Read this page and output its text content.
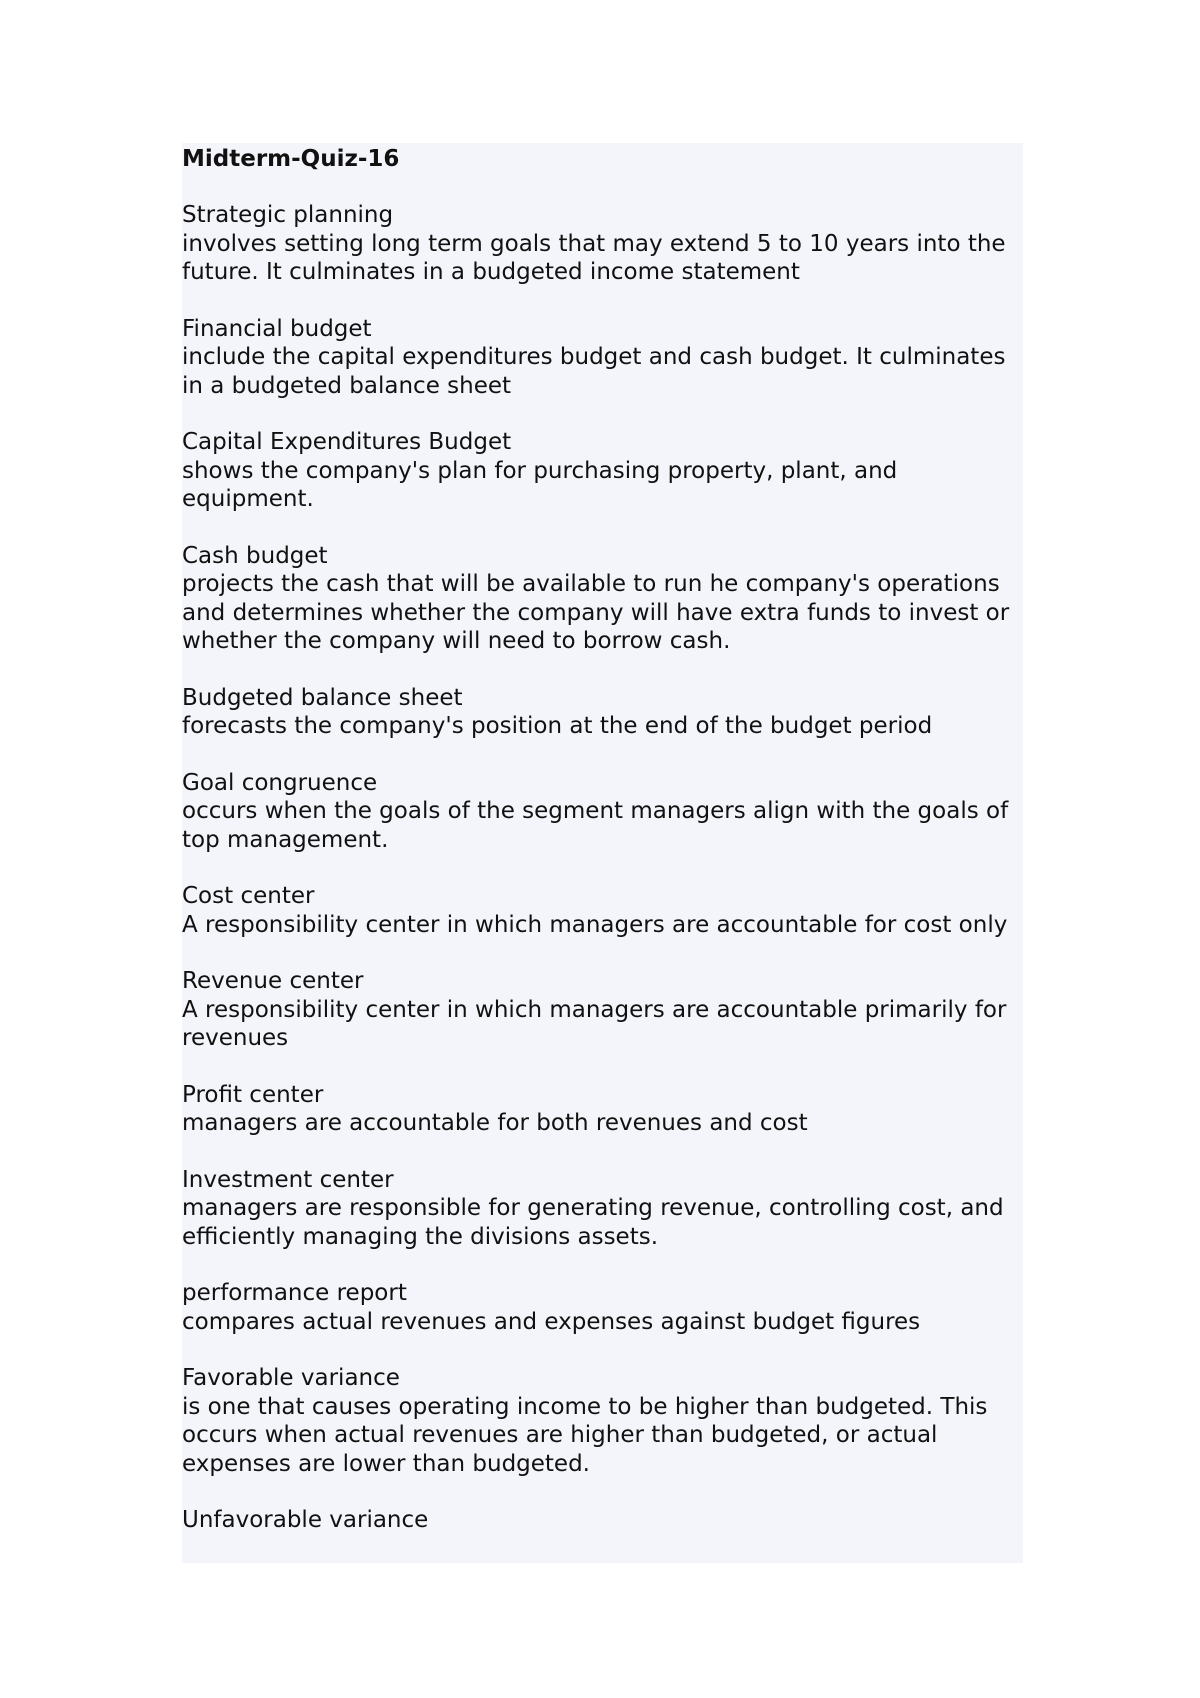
Midterm-Quiz-16
Strategic planning
involves setting long term goals that may extend 5 to 10 years into the future. It culminates in a budgeted income statement
Financial budget
include the capital expenditures budget and cash budget. It culminates in a budgeted balance sheet
Capital Expenditures Budget
shows the company's plan for purchasing property, plant, and equipment.
Cash budget
projects the cash that will be available to run he company's operations and determines whether the company will have extra funds to invest or whether the company will need to borrow cash.
Budgeted balance sheet
forecasts the company's position at the end of the budget period
Goal congruence
occurs when the goals of the segment managers align with the goals of top management.
Cost center
A responsibility center in which managers are accountable for cost only
Revenue center
A responsibility center in which managers are accountable primarily for revenues
Profit center
managers are accountable for both revenues and cost
Investment center
managers are responsible for generating revenue, controlling cost, and efficiently managing the divisions assets.
performance report
compares actual revenues and expenses against budget figures
Favorable variance
is one that causes operating income to be higher than budgeted. This occurs when actual revenues are higher than budgeted, or actual expenses are lower than budgeted.
Unfavorable variance
